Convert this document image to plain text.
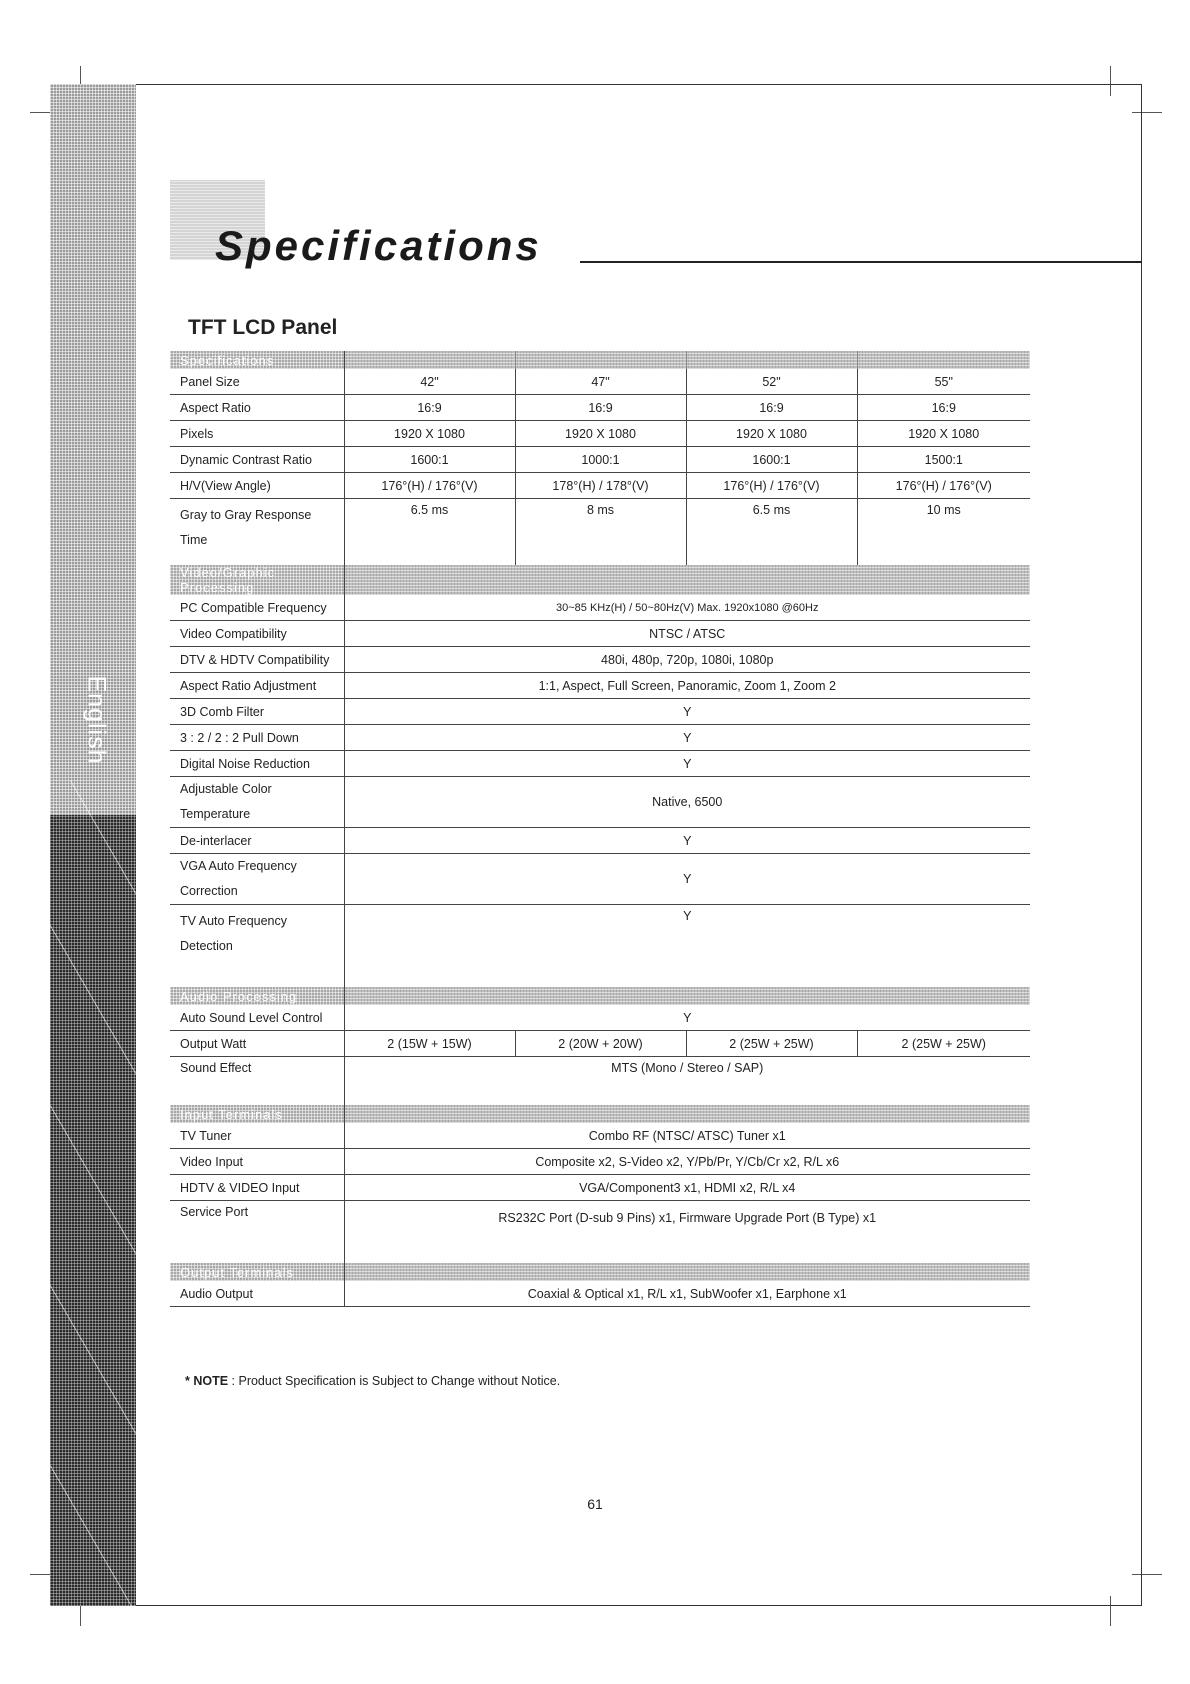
English
Specifications
TFT LCD Panel
Specifications				
Panel Size	42"	47"	52"	55"
Aspect Ratio	16:9	16:9	16:9	16:9
Pixels	1920 X 1080	1920 X 1080	1920 X 1080	1920 X 1080
Dynamic Contrast Ratio	1600:1	1000:1	1600:1	1500:1
H/V(View Angle)	176°(H) / 176°(V)	178°(H) / 178°(V)	176°(H) / 176°(V)	176°(H) / 176°(V)
Gray to Gray Response Time	6.5 ms	8 ms	6.5 ms	10 ms
Video/Graphic Processing				
PC Compatible Frequency	30~85 KHz(H) / 50~80Hz(V) Max. 1920x1080 @60Hz			
Video Compatibility	NTSC / ATSC			
DTV & HDTV Compatibility	480i, 480p, 720p, 1080i, 1080p			
Aspect Ratio Adjustment	1:1, Aspect, Full Screen, Panoramic, Zoom 1, Zoom 2			
3D Comb Filter	Y			
3 : 2 / 2 : 2 Pull Down	Y			
Digital Noise Reduction	Y			
Adjustable Color Temperature	Native, 6500			
De-interlacer	Y			
VGA Auto Frequency Correction	Y			
TV Auto Frequency Detection	Y			
Audio Processing				
Auto Sound Level Control	Y			
Output Watt	2 (15W + 15W)	2 (20W + 20W)	2 (25W + 25W)	2 (25W + 25W)
Sound Effect	MTS (Mono / Stereo / SAP)			
Input Terminals				
TV Tuner	Combo RF (NTSC/ ATSC) Tuner x1			
Video Input	Composite x2, S-Video x2, Y/Pb/Pr, Y/Cb/Cr x2, R/L x6			
HDTV & VIDEO Input	VGA/Component3 x1, HDMI x2, R/L x4			
Service Port	RS232C Port (D-sub 9 Pins) x1, Firmware Upgrade Port (B Type) x1			
Output Terminals				
Audio Output	Coaxial & Optical x1, R/L x1, SubWoofer x1, Earphone x1			

* NOTE : Product Specification is Subject to Change without Notice.

61
